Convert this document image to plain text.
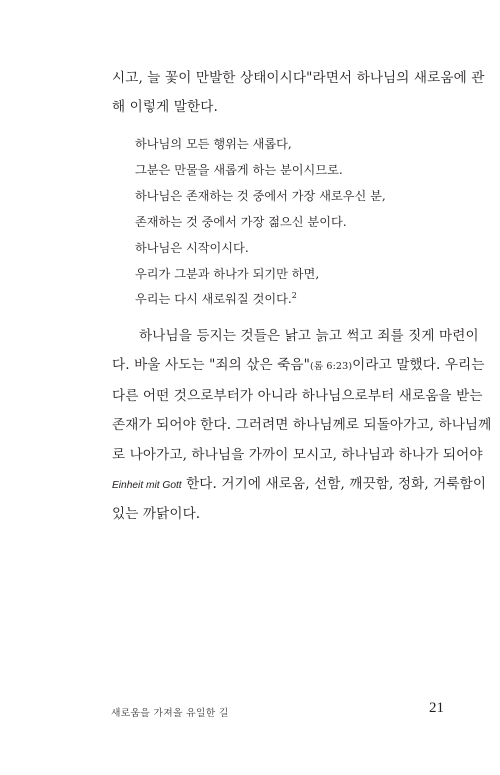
시고, 늘 꽃이 만발한 상태이시다"라면서 하나님의 새로움에 관
해 이렇게 말한다.
하나님의 모든 행위는 새롭다,
그분은 만물을 새롭게 하는 분이시므로.
하나님은 존재하는 것 중에서 가장 새로우신 분,
존재하는 것 중에서 가장 젊으신 분이다.
하나님은 시작이시다.
우리가 그분과 하나가 되기만 하면,
우리는 다시 새로워질 것이다.$^2$
하나님을 등지는 것들은 낡고 늙고 썩고 죄를 짓게 마련이
다. 바울 사도는 "죄의 삯은 죽음"(롬 6:23)이라고 말했다. 우리는
다른 어떤 것으로부터가 아니라 하나님으로부터 새로움을 받는
존재가 되어야 한다. 그러려면 하나님께로 되돌아가고, 하나님께
로 나아가고, 하나님을 가까이 모시고, 하나님과 하나가 되어야
Einheit mit Gott 한다. 거기에 새로움, 선함, 깨끗함, 정화, 거룩함이
있는 까닭이다.
새로움을 가져올 유일한 길	21
